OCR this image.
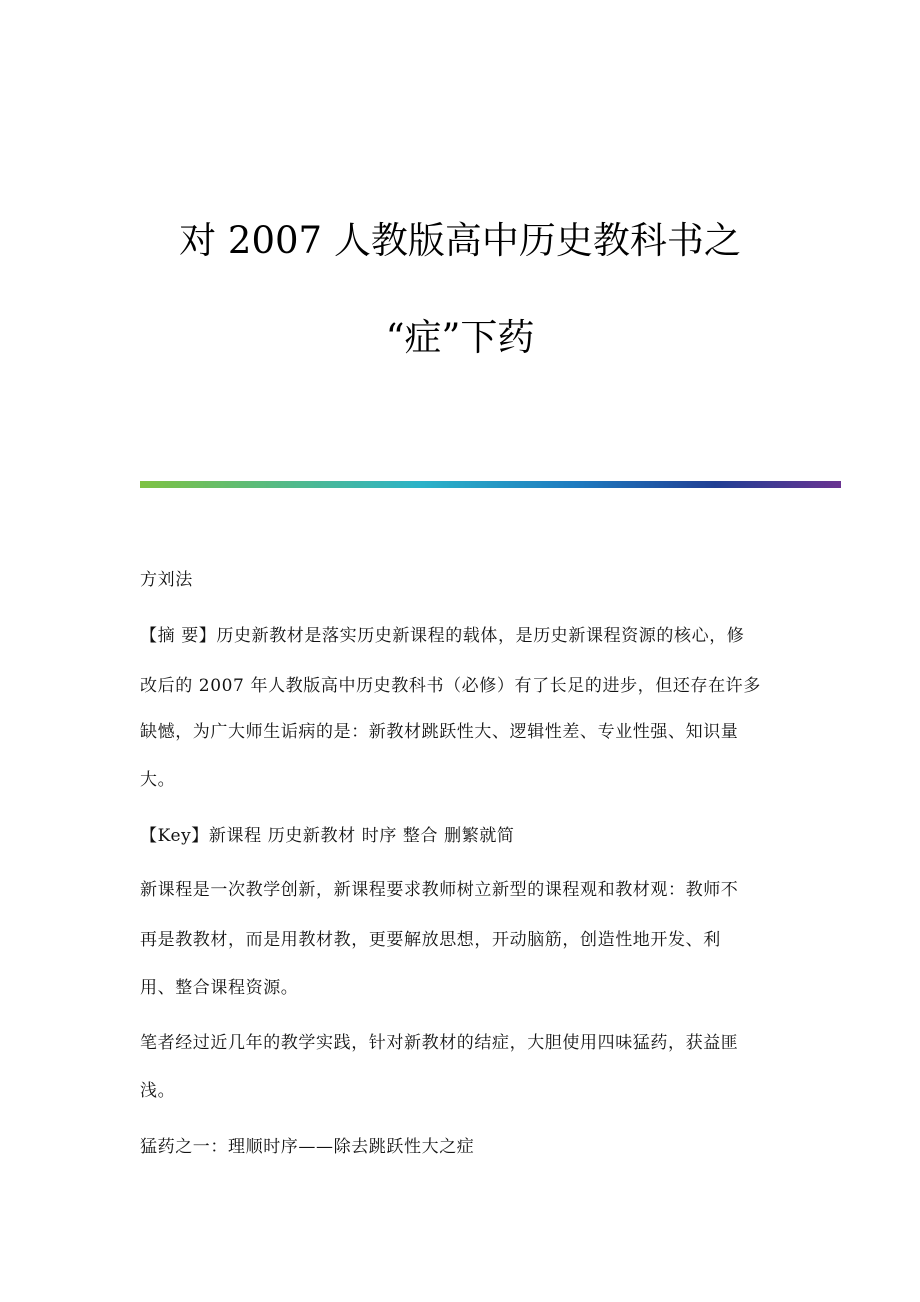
对 2007 人教版高中历史教科书之
“症”下药
方刘法
【摘 要】历史新教材是落实历史新课程的载体，是历史新课程资源的核心，修
改后的 2007 年人教版高中历史教科书（必修）有了长足的进步，但还存在许多
缺憾，为广大师生诟病的是：新教材跳跃性大、逻辑性差、专业性强、知识量
大。
【Key】新课程 历史新教材 时序 整合 删繁就简
新课程是一次教学创新，新课程要求教师树立新型的课程观和教材观：教师不
再是教教材，而是用教材教，更要解放思想，开动脑筋，创造性地开发、利
用、整合课程资源。
笔者经过近几年的教学实践，针对新教材的结症，大胆使用四味猛药，获益匪
浅。
猛药之一：理顺时序——除去跳跃性大之症
